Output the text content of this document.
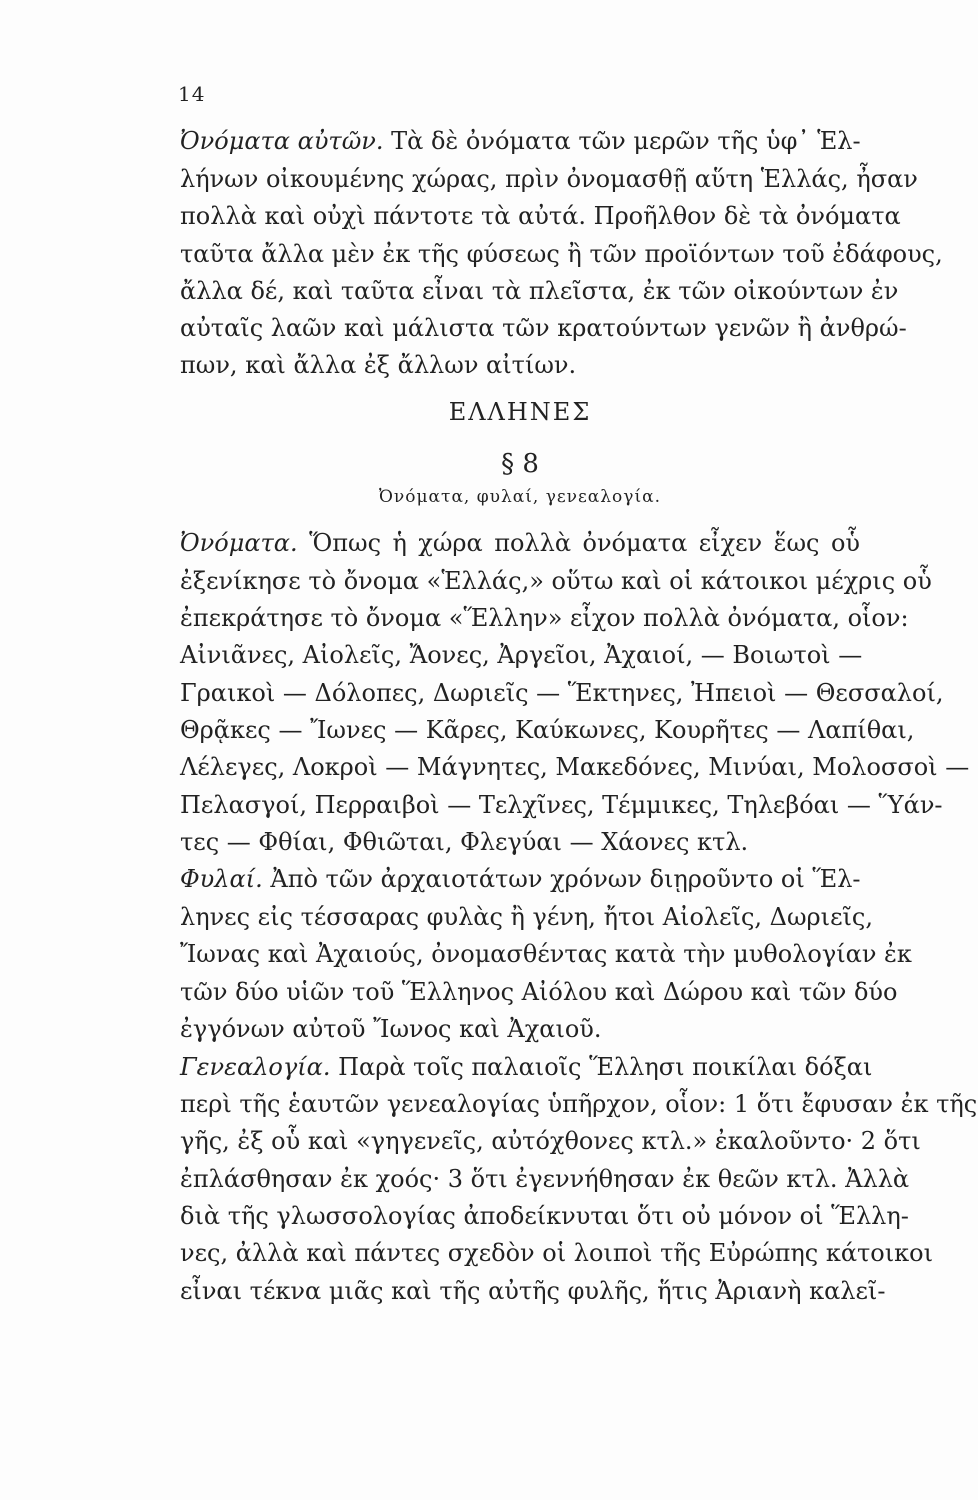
14
Ὀνόματα αὐτῶν. Τὰ δὲ ὀνόματα τῶν μερῶν τῆς ὑφ᾽ Ἑλ-
λήνων οἰκουμένης χώρας, πρὶν ὀνομασθῇ αὕτη Ἑλλάς, ἦσαν
πολλὰ καὶ οὐχὶ πάντοτε τὰ αὐτά. Προῆλθον δὲ τὰ ὀνόματα
ταῦτα ἄλλα μὲν ἐκ τῆς φύσεως ἢ τῶν προϊόντων τοῦ ἐδάφους,
ἄλλα δέ, καὶ ταῦτα εἶναι τὰ πλεῖστα, ἐκ τῶν οἰκούντων ἐν
αὐταῖς λαῶν καὶ μάλιστα τῶν κρατούντων γενῶν ἢ ἀνθρώ-
πων, καὶ ἄλλα ἐξ ἄλλων αἰτίων.
ΕΛΛΗΝΕΣ
§ 8
Ὀνόματα, φυλαί, γενεαλογία.
Ὀνόματα. Ὅπως ἡ χώρα πολλὰ ὀνόματα εἶχεν ἕως οὗ
ἐξενίκησε τὸ ὄνομα «Ἑλλάς,» οὕτω καὶ οἱ κάτοικοι μέχρις οὗ
ἐπεκράτησε τὸ ὄνομα «Ἕλλην» εἶχον πολλὰ ὀνόματα, οἷον:
Αἰνιᾶνες, Αἰολεῖς, Ἄονες, Ἀργεῖοι, Ἀχαιοί, — Βοιωτοὶ —
Γραικοὶ — Δόλοπες, Δωριεῖς — Ἕκτηνες, Ἠπειοὶ — Θεσσαλοί,
Θρᾷκες — Ἴωνες — Κᾶρες, Καύκωνες, Κουρῆτες — Λαπίθαι,
Λέλεγες, Λοκροὶ — Μάγνητες, Μακεδόνες, Μινύαι, Μολοσσοὶ —
Πελασγοί, Περραιβοὶ — Τελχῖνες, Τέμμικες, Τηλεβόαι — Ὕάν-
τες — Φθίαι, Φθιῶται, Φλεγύαι — Χάονες κτλ.
Φυλαί. Ἀπὸ τῶν ἀρχαιοτάτων χρόνων διῃροῦντο οἱ Ἕλ-
ληνες εἰς τέσσαρας φυλὰς ἢ γένη, ἤτοι Αἰολεῖς, Δωριεῖς,
Ἴωνας καὶ Ἀχαιούς, ὀνομασθέντας κατὰ τὴν μυθολογίαν ἐκ
τῶν δύο υἱῶν τοῦ Ἕλληνος Αἰόλου καὶ Δώρου καὶ τῶν δύο
ἐγγόνων αὐτοῦ Ἴωνος καὶ Ἀχαιοῦ.
Γενεαλογία. Παρὰ τοῖς παλαιοῖς Ἕλλησι ποικίλαι δόξαι
περὶ τῆς ἑαυτῶν γενεαλογίας ὑπῆρχον, οἷον: 1 ὅτι ἔφυσαν ἐκ τῆς
γῆς, ἐξ οὗ καὶ «γηγενεῖς, αὐτόχθονες κτλ.» ἐκαλοῦντο· 2 ὅτι
ἐπλάσθησαν ἐκ χοός· 3 ὅτι ἐγεννήθησαν ἐκ θεῶν κτλ. Ἀλλὰ
διὰ τῆς γλωσσολογίας ἀποδείκνυται ὅτι οὐ μόνον οἱ Ἕλλη-
νες, ἀλλὰ καὶ πάντες σχεδὸν οἱ λοιποὶ τῆς Εὐρώπης κάτοικοι
εἶναι τέκνα μιᾶς καὶ τῆς αὐτῆς φυλῆς, ἥτις Ἀριανὴ καλεῖ-
